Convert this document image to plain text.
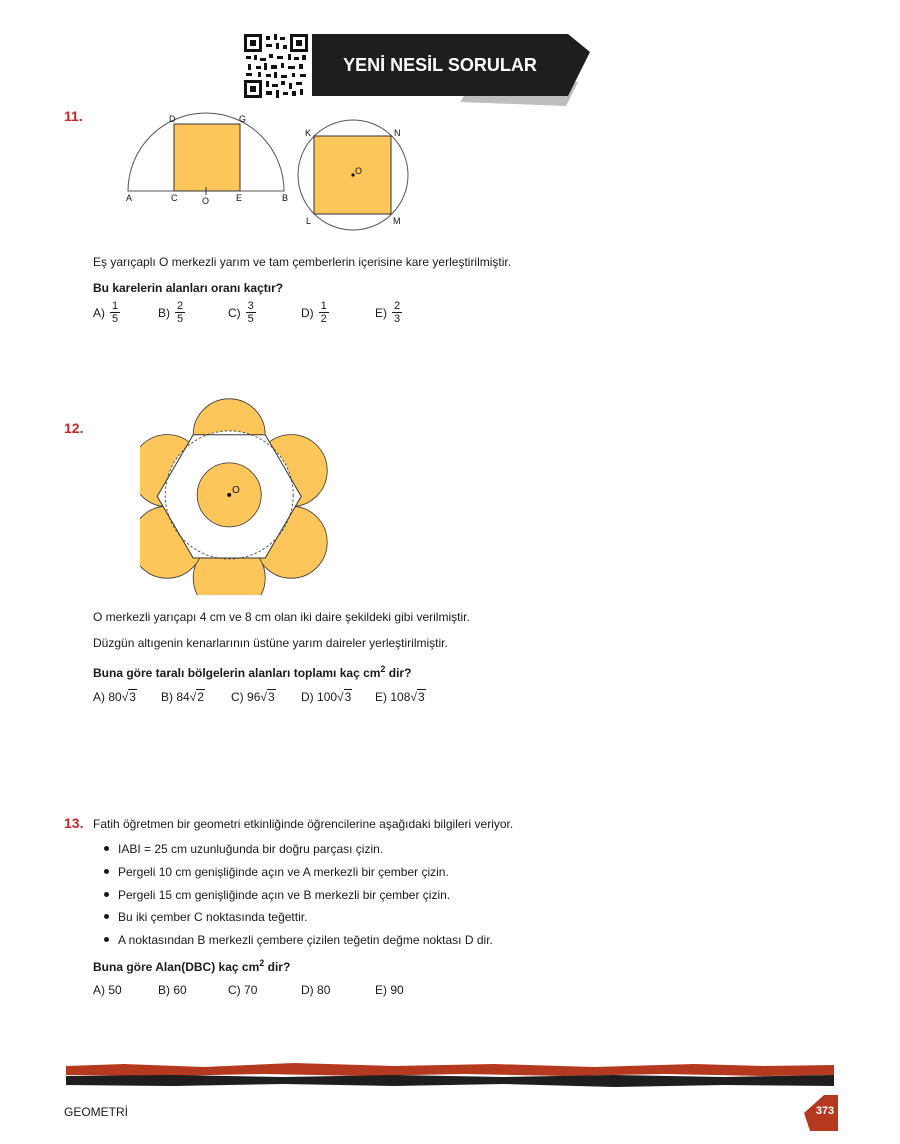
YENİ NESİL SORULAR
11.
A	C	O	E	B
D	G
K	N
L	M
O
Eş yarıçaplı O merkezli yarım ve tam çemberlerin içerisine kare yerleştirilmiştir.
Bu karelerin alanları oranı kaçtır?
$A) \frac{1}{5}$	$B) \frac{2}{5}$	$C) \frac{3}{5}$	$D) \frac{1}{2}$	$E) \frac{2}{3}$
12.
O
O merkezli yarıçapı 4 cm ve 8 cm olan iki daire şekildeki gibi verilmiştir.
Düzgün altıgenin kenarlarının üstüne yarım daireler yerleştirilmiştir.
Buna göre taralı bölgelerin alanları toplamı kaç $cm^2$ dir?
A)
80 √ 3 B)
84 √ 2 C)
96 √ 3 D)
100 √ 3 E)
108 √ 3
13. Fatih öğretmen bir geometri etkinliğinde öğrencilerine aşağıdaki bilgileri veriyor.
IABI = 25 cm uzunluğunda bir doğru parçası çizin.
Pergeli 10 cm genişliğinde açın ve A merkezli bir çember çizin.
Pergeli 15 cm genişliğinde açın ve B merkezli bir çember çizin.
Bu iki çember C noktasında teğettir.
A noktasından B merkezli çembere çizilen teğetin değme noktası D dir.
Buna göre Alan(DBC) kaç $cm^2$ dir?
A)
50	B)
60	C)
70	D)
80	E)
90
GEOMETRİ	373
